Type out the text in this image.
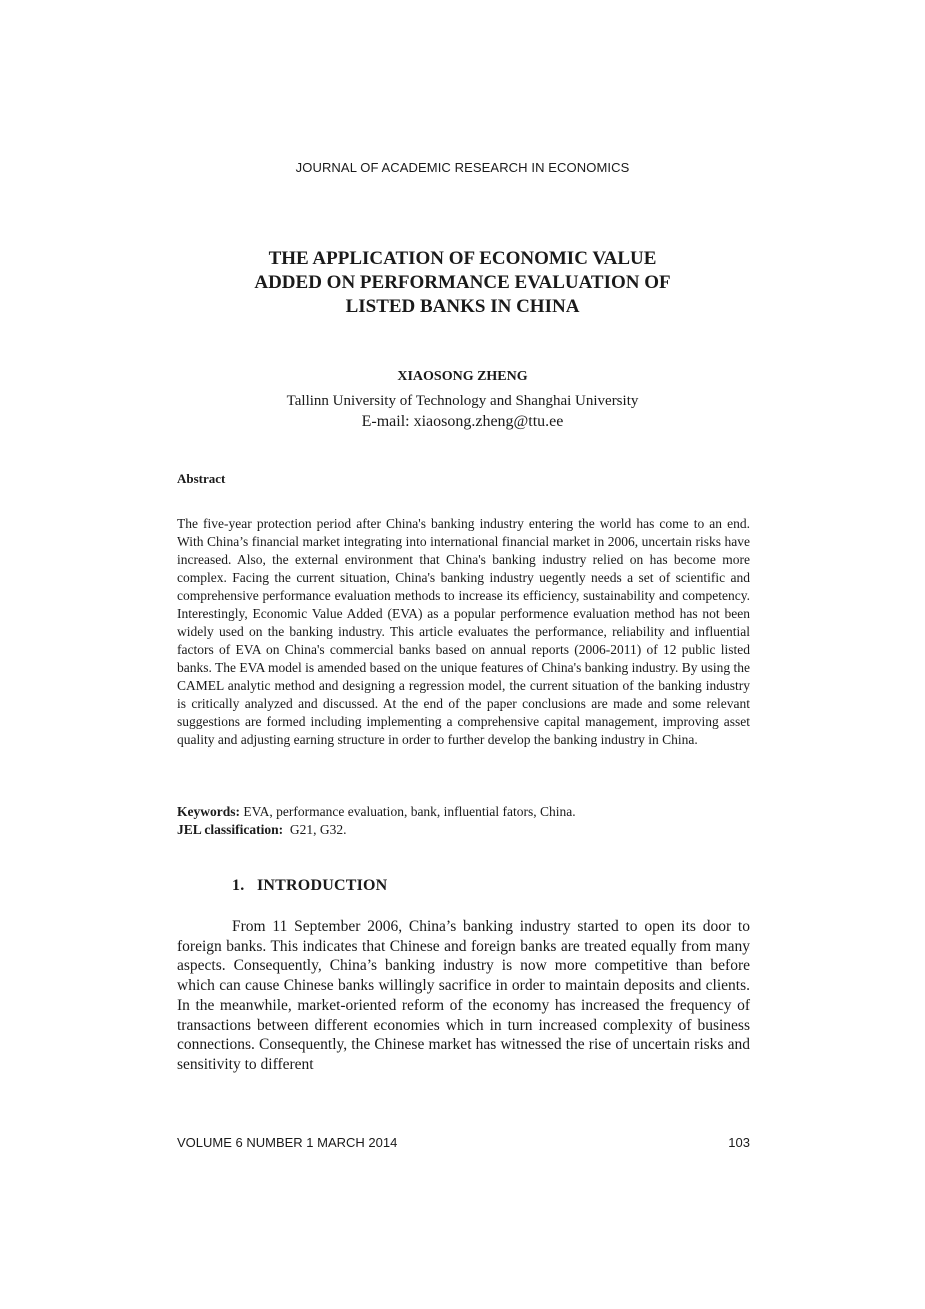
JOURNAL OF ACADEMIC RESEARCH IN ECONOMICS
THE APPLICATION OF ECONOMIC VALUE
ADDED ON PERFORMANCE EVALUATION OF
LISTED BANKS IN CHINA
XIAOSONG ZHENG
Tallinn University of Technology and Shanghai University
E-mail: xiaosong.zheng@ttu.ee
Abstract

The five-year protection period after China's banking industry entering the world has come to an end. With China’s financial market integrating into international financial market in 2006, uncertain risks have increased. Also, the external environment that China's banking industry relied on has become more complex. Facing the current situation, China's banking industry uegently needs a set of scientific and comprehensive performance evaluation methods to increase its efficiency, sustainability and competency. Interestingly, Economic Value Added (EVA) as a popular performence evaluation method has not been widely used on the banking industry. This article evaluates the performance, reliability and influential factors of EVA on China's commercial banks based on annual reports (2006-2011) of 12 public listed banks. The EVA model is amended based on the unique features of China's banking industry. By using the CAMEL analytic method and designing a regression model, the current situation of the banking industry is critically analyzed and discussed. At the end of the paper conclusions are made and some relevant suggestions are formed including implementing a comprehensive capital management, improving asset quality and adjusting earning structure in order to further develop the banking industry in China.

Keywords: EVA, performance evaluation, bank, influential fators, China.
JEL classification:  G21, G32.
1.   INTRODUCTION

From 11 September 2006, China’s banking industry started to open its door to foreign banks. This indicates that Chinese and foreign banks are treated equally from many aspects. Consequently, China’s banking industry is now more competitive than before which can cause Chinese banks willingly sacrifice in order to maintain deposits and clients. In the meanwhile, market-oriented reform of the economy has increased the frequency of transactions between different economies which in turn increased complexity of business connections. Consequently, the Chinese market has witnessed the rise of uncertain risks and sensitivity to different

VOLUME 6 NUMBER 1 MARCH 2014	103
